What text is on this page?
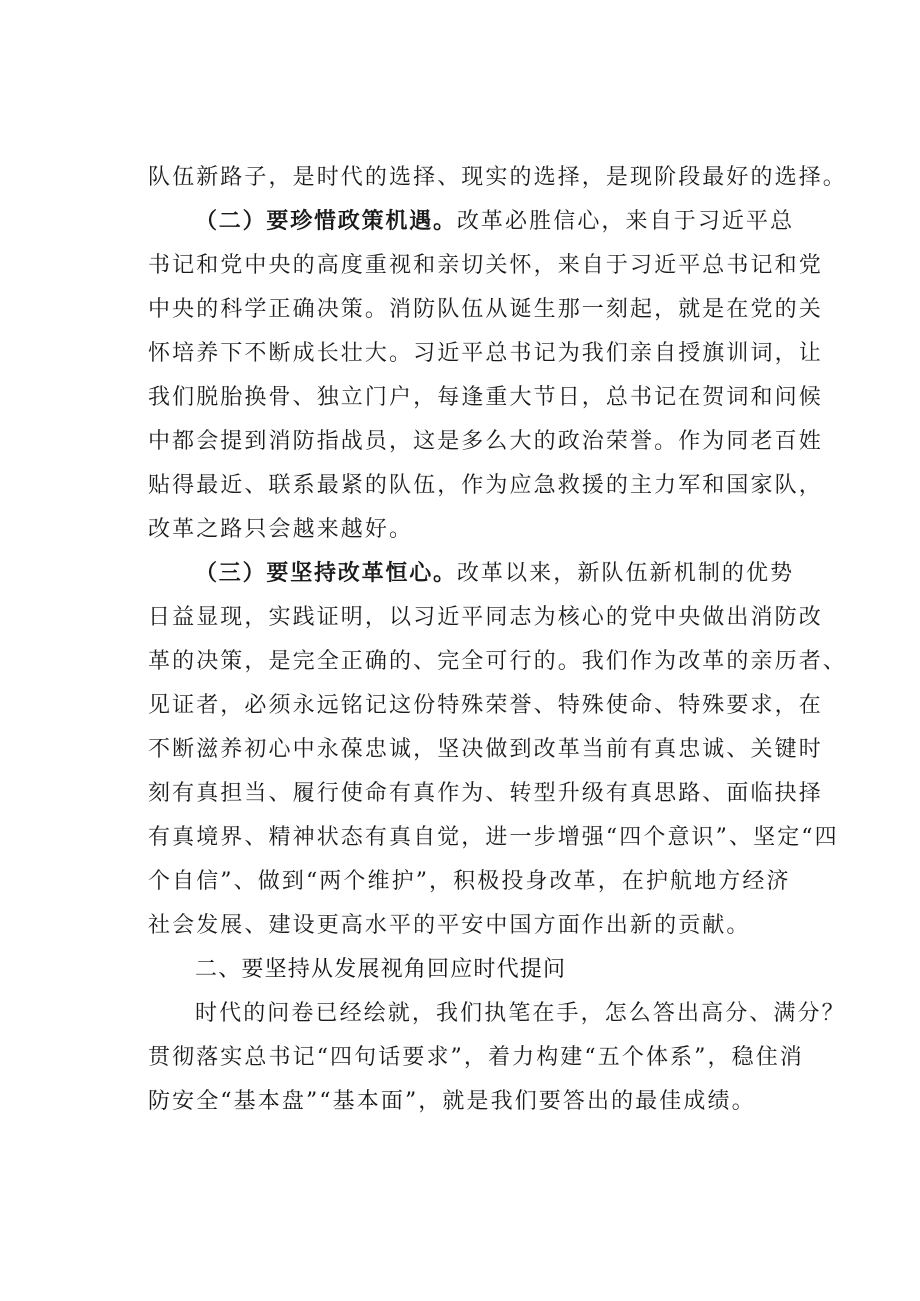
队伍新路子，是时代的选择、现实的选择，是现阶段最好的选择。
（二）要珍惜政策机遇。改革必胜信心，来自于习近平总
书记和党中央的高度重视和亲切关怀，来自于习近平总书记和党
中央的科学正确决策。消防队伍从诞生那一刻起，就是在党的关
怀培养下不断成长壮大。习近平总书记为我们亲自授旗训词，让
我们脱胎换骨、独立门户，每逢重大节日，总书记在贺词和问候
中都会提到消防指战员，这是多么大的政治荣誉。作为同老百姓
贴得最近、联系最紧的队伍，作为应急救援的主力军和国家队，
改革之路只会越来越好。
（三）要坚持改革恒心。改革以来，新队伍新机制的优势
日益显现，实践证明，以习近平同志为核心的党中央做出消防改
革的决策，是完全正确的、完全可行的。我们作为改革的亲历者、
见证者，必须永远铭记这份特殊荣誉、特殊使命、特殊要求，在
不断滋养初心中永葆忠诚，坚决做到改革当前有真忠诚、关键时
刻有真担当、履行使命有真作为、转型升级有真思路、面临抉择
有真境界、精神状态有真自觉，进一步增强“四个意识”、坚定“四
个自信”、做到“两个维护”，积极投身改革，在护航地方经济
社会发展、建设更高水平的平安中国方面作出新的贡献。
二、要坚持从发展视角回应时代提问
时代的问卷已经绘就，我们执笔在手，怎么答出高分、满分？
贯彻落实总书记“四句话要求”，着力构建“五个体系”，稳住消
防安全“基本盘”“基本面”，就是我们要答出的最佳成绩。
